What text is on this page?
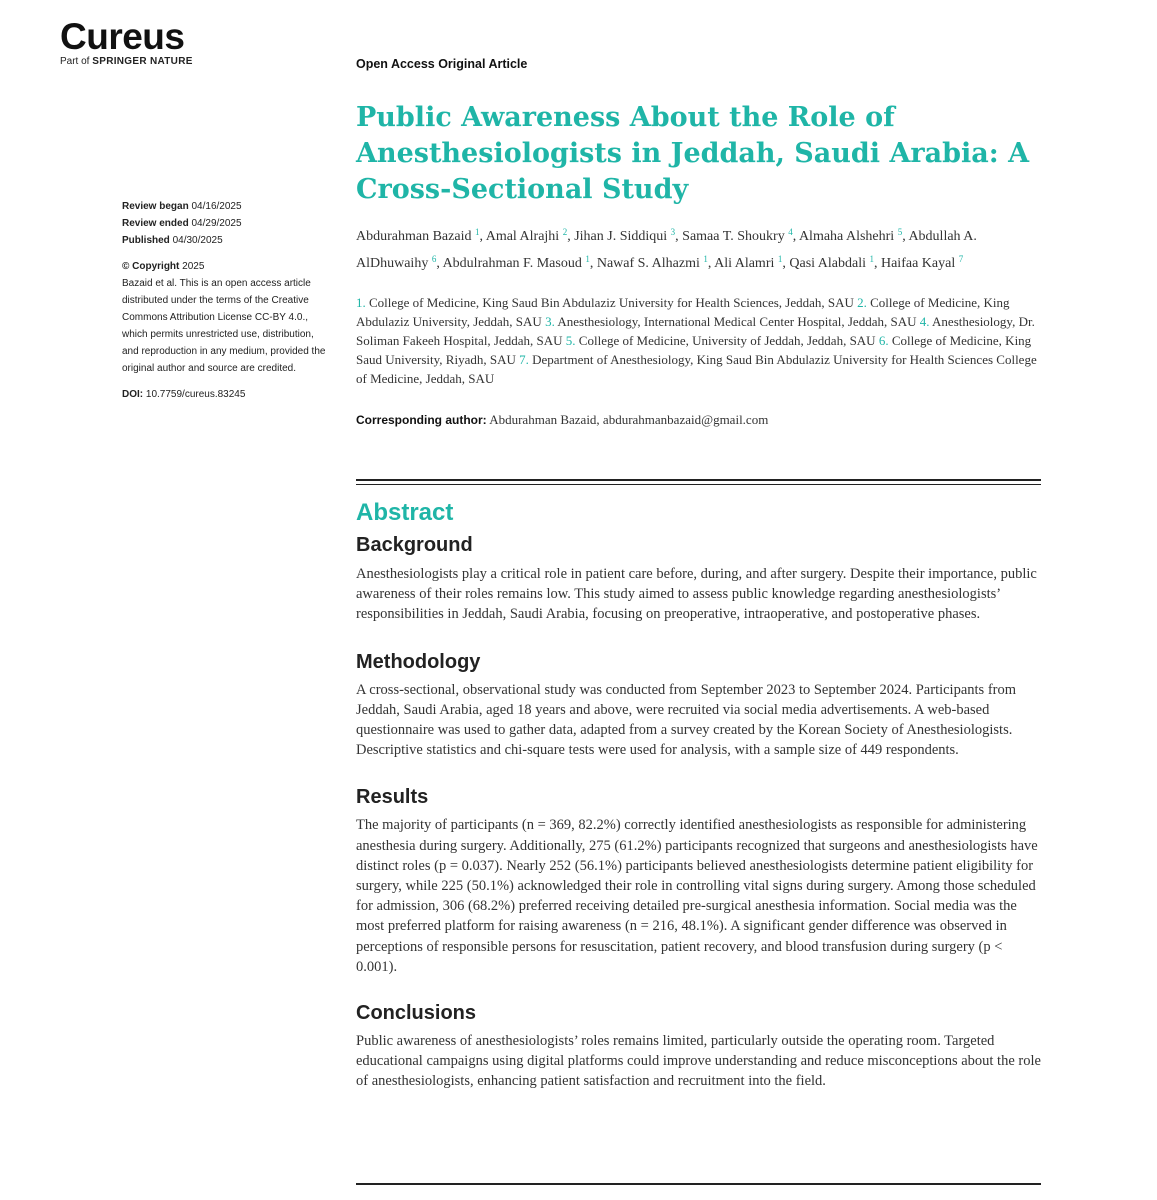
Cureus
Part of SPRINGER NATURE	Open Access Original Article
Review began 04/16/2025
Review ended 04/29/2025
Published 04/30/2025
© Copyright 2025
Bazaid et al. This is an open access article distributed under the terms of the Creative Commons Attribution License CC-BY 4.0., which permits unrestricted use, distribution, and reproduction in any medium, provided the original author and source are credited.
DOI: 10.7759/cureus.83245
Public Awareness About the Role of Anesthesiologists in Jeddah, Saudi Arabia: A Cross-Sectional Study
Abdurahman Bazaid $^1$, Amal Alrajhi $^2$, Jihan J. Siddiqui $^3$, Samaa T. Shoukry $^4$, Almaha Alshehri $^5$, Abdullah A. AlDhuwaihy $^6$, Abdulrahman F. Masoud $^1$, Nawaf S. Alhazmi $^1$, Ali Alamri $^1$, Qasi Alabdali $^1$, Haifaa Kayal $^7$
1. College of Medicine, King Saud Bin Abdulaziz University for Health Sciences, Jeddah, SAU 2. College of Medicine, King Abdulaziz University, Jeddah, SAU 3. Anesthesiology, International Medical Center Hospital, Jeddah, SAU 4. Anesthesiology, Dr. Soliman Fakeeh Hospital, Jeddah, SAU 5. College of Medicine, University of Jeddah, Jeddah, SAU 6. College of Medicine, King Saud University, Riyadh, SAU 7. Department of Anesthesiology, King Saud Bin Abdulaziz University for Health Sciences College of Medicine, Jeddah, SAU
Corresponding author: Abdurahman Bazaid, abdurahmanbazaid@gmail.com
Abstract
Background

Anesthesiologists play a critical role in patient care before, during, and after surgery. Despite their importance, public awareness of their roles remains low. This study aimed to assess public knowledge regarding anesthesiologists’ responsibilities in Jeddah, Saudi Arabia, focusing on preoperative, intraoperative, and postoperative phases.

Methodology

A cross-sectional, observational study was conducted from September 2023 to September 2024. Participants from Jeddah, Saudi Arabia, aged 18 years and above, were recruited via social media advertisements. A web-based questionnaire was used to gather data, adapted from a survey created by the Korean Society of Anesthesiologists. Descriptive statistics and chi-square tests were used for analysis, with a sample size of 449 respondents.

Results

The majority of participants (n = 369, 82.2%) correctly identified anesthesiologists as responsible for administering anesthesia during surgery. Additionally, 275 (61.2%) participants recognized that surgeons and anesthesiologists have distinct roles (p = 0.037). Nearly 252 (56.1%) participants believed anesthesiologists determine patient eligibility for surgery, while 225 (50.1%) acknowledged their role in controlling vital signs during surgery. Among those scheduled for admission, 306 (68.2%) preferred receiving detailed pre-surgical anesthesia information. Social media was the most preferred platform for raising awareness (n = 216, 48.1%). A significant gender difference was observed in perceptions of responsible persons for resuscitation, patient recovery, and blood transfusion during surgery (p < 0.001).

Conclusions

Public awareness of anesthesiologists’ roles remains limited, particularly outside the operating room. Targeted educational campaigns using digital platforms could improve understanding and reduce misconceptions about the role of anesthesiologists, enhancing patient satisfaction and recruitment into the field.
